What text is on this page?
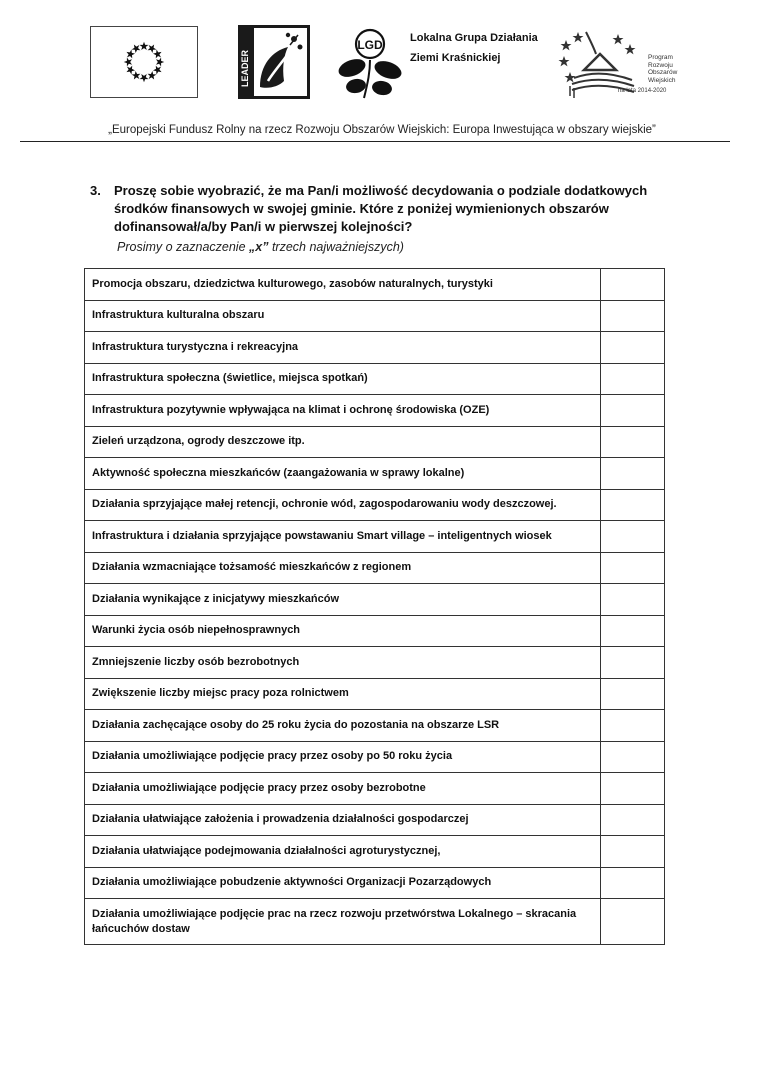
LEADER
LGD Lokalna Grupa Działania
Ziemi Kraśnickiej	Program
Rozwoju
Obszarów
Wiejskich
na lata 2014-2020
„Europejski Fundusz Rolny na rzecz Rozwoju Obszarów Wiejskich: Europa Inwestująca w obszary wiejskie”
3. Proszę sobie wyobrazić, że ma Pan/i możliwość decydowania o podziale dodatkowych środków finansowych w swojej gminie. Które z poniżej wymienionych obszarów dofinansował/a/by Pan/i w pierwszej kolejności?
Prosimy o zaznaczenie „x” trzech najważniejszych)
Promocja obszaru, dziedzictwa kulturowego, zasobów naturalnych, turystyki	
Infrastruktura kulturalna obszaru	
Infrastruktura turystyczna i rekreacyjna	
Infrastruktura społeczna (świetlice, miejsca spotkań)	
Infrastruktura pozytywnie wpływająca na klimat i ochronę środowiska (OZE)	
Zieleń urządzona, ogrody deszczowe itp.	
Aktywność społeczna mieszkańców (zaangażowania w sprawy lokalne)	
Działania sprzyjające małej retencji, ochronie wód, zagospodarowaniu wody deszczowej.	
Infrastruktura i działania sprzyjające powstawaniu Smart village – inteligentnych wiosek	
Działania wzmacniające tożsamość mieszkańców z regionem	
Działania wynikające z inicjatywy mieszkańców	
Warunki życia osób niepełnosprawnych	
Zmniejszenie liczby osób bezrobotnych	
Zwiększenie liczby miejsc pracy poza rolnictwem	
Działania zachęcające osoby do 25 roku życia do pozostania na obszarze LSR	
Działania umożliwiające podjęcie pracy przez osoby po 50 roku życia	
Działania umożliwiające podjęcie pracy przez osoby bezrobotne	
Działania ułatwiające założenia i prowadzenia działalności gospodarczej	
Działania ułatwiające podejmowania działalności agroturystycznej,	
Działania umożliwiające pobudzenie aktywności Organizacji Pozarządowych	
Działania umożliwiające podjęcie prac na rzecz rozwoju przetwórstwa Lokalnego – skracania łańcuchów dostaw	
